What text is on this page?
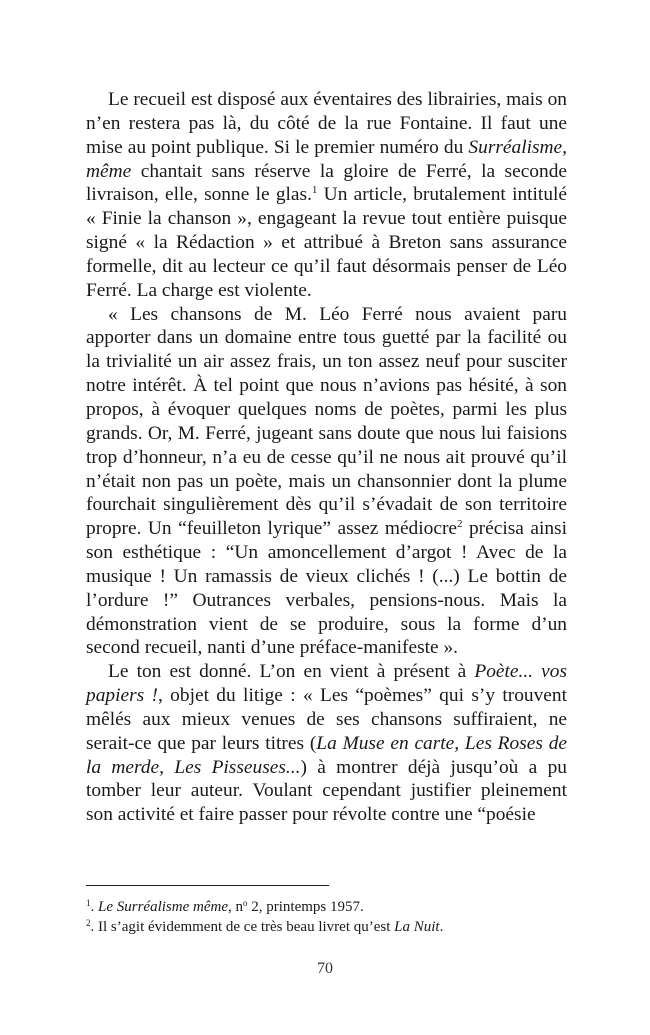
Le recueil est disposé aux éventaires des librairies, mais on n’en restera pas là, du côté de la rue Fontaine. Il faut une mise au point publique. Si le premier numéro du Surréalisme, même chantait sans réserve la gloire de Ferré, la seconde livraison, elle, sonne le glas.$^1$ Un article, brutalement intitulé « Finie la chanson », engageant la revue tout entière puisque signé « la Rédaction » et attribué à Breton sans assurance formelle, dit au lecteur ce qu’il faut désormais penser de Léo Ferré. La charge est violente.

« Les chansons de M. Léo Ferré nous avaient paru apporter dans un domaine entre tous guetté par la facilité ou la trivialité un air assez frais, un ton assez neuf pour susciter notre intérêt. À tel point que nous n’avions pas hésité, à son propos, à évoquer quelques noms de poètes, parmi les plus grands. Or, M. Ferré, jugeant sans doute que nous lui faisions trop d’honneur, n’a eu de cesse qu’il ne nous ait prouvé qu’il n’était non pas un poète, mais un chansonnier dont la plume fourchait singulièrement dès qu’il s’évadait de son territoire propre. Un “feuilleton lyrique” assez médiocre$^2$ précisa ainsi son esthétique : “Un amoncellement d’argot ! Avec de la musique ! Un ramassis de vieux clichés ! (...) Le bottin de l’ordure !” Outrances verbales, pensions-nous. Mais la démonstration vient de se produire, sous la forme d’un second recueil, nanti d’une préface-manifeste ».

Le ton est donné. L’on en vient à présent à Poète... vos papiers !, objet du litige : « Les “poèmes” qui s’y trouvent mêlés aux mieux venues de ses chansons suffiraient, ne serait-ce que par leurs titres (La Muse en carte, Les Roses de la merde, Les Pisseuses...) à montrer déjà jusqu’où a pu tomber leur auteur. Voulant cependant justifier pleinement son activité et faire passer pour révolte contre une “poésie

$^1$. Le Surréalisme même, n$^o$ 2, printemps 1957.

$^2$. Il s’agit évidemment de ce très beau livret qu’est La Nuit.

70
